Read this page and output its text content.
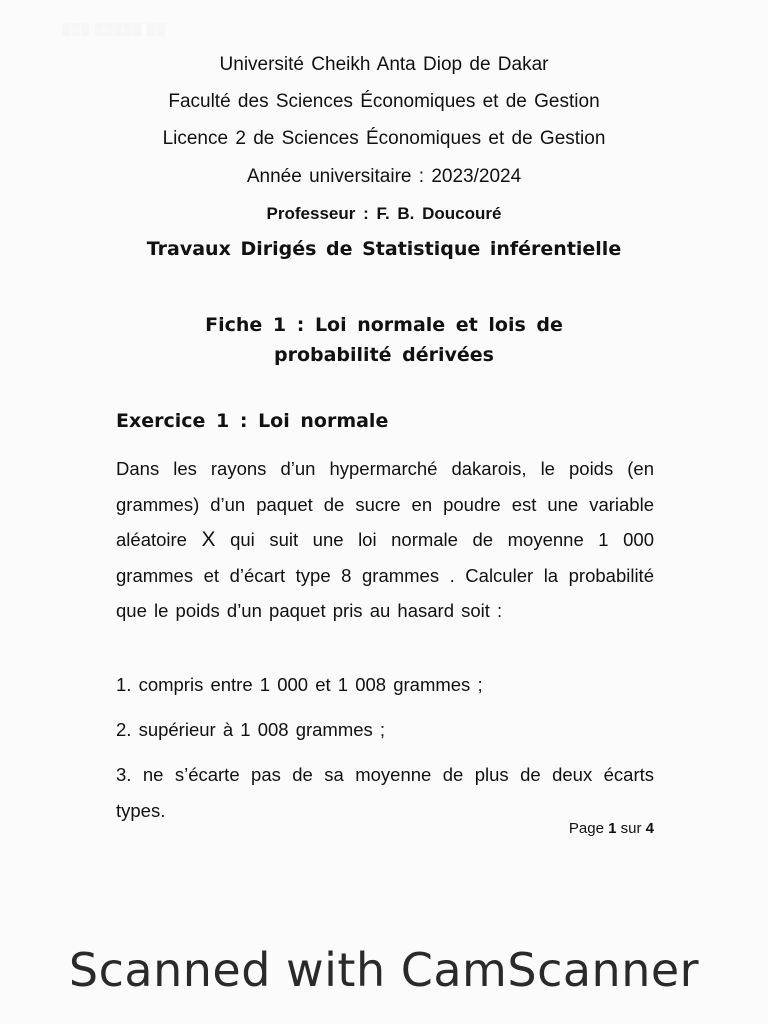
▒▒▒ ▒▒▒▒▒ ▒▒
Université Cheikh Anta Diop de Dakar
Faculté des Sciences Économiques et de Gestion
Licence 2 de Sciences Économiques et de Gestion
Année universitaire : 2023/2024
Professeur : F. B. Doucouré
Travaux Dirigés de Statistique inférentielle
Fiche 1 : Loi normale et lois de
probabilité dérivées
Exercice 1 : Loi normale
Dans les rayons d’un hypermarché dakarois, le poids (en grammes) d’un paquet de sucre en poudre est une variable aléatoire X qui suit une loi normale de moyenne 1 000 grammes et d’écart type 8 grammes . Calculer la probabilité que le poids d’un paquet pris au hasard soit :
1. compris entre 1 000 et 1 008 grammes ;
2. supérieur à 1 008 grammes ;
3. ne s’écarte pas de sa moyenne de plus de deux écarts types.
Page 1 sur 4
Scanned with CamScanner
